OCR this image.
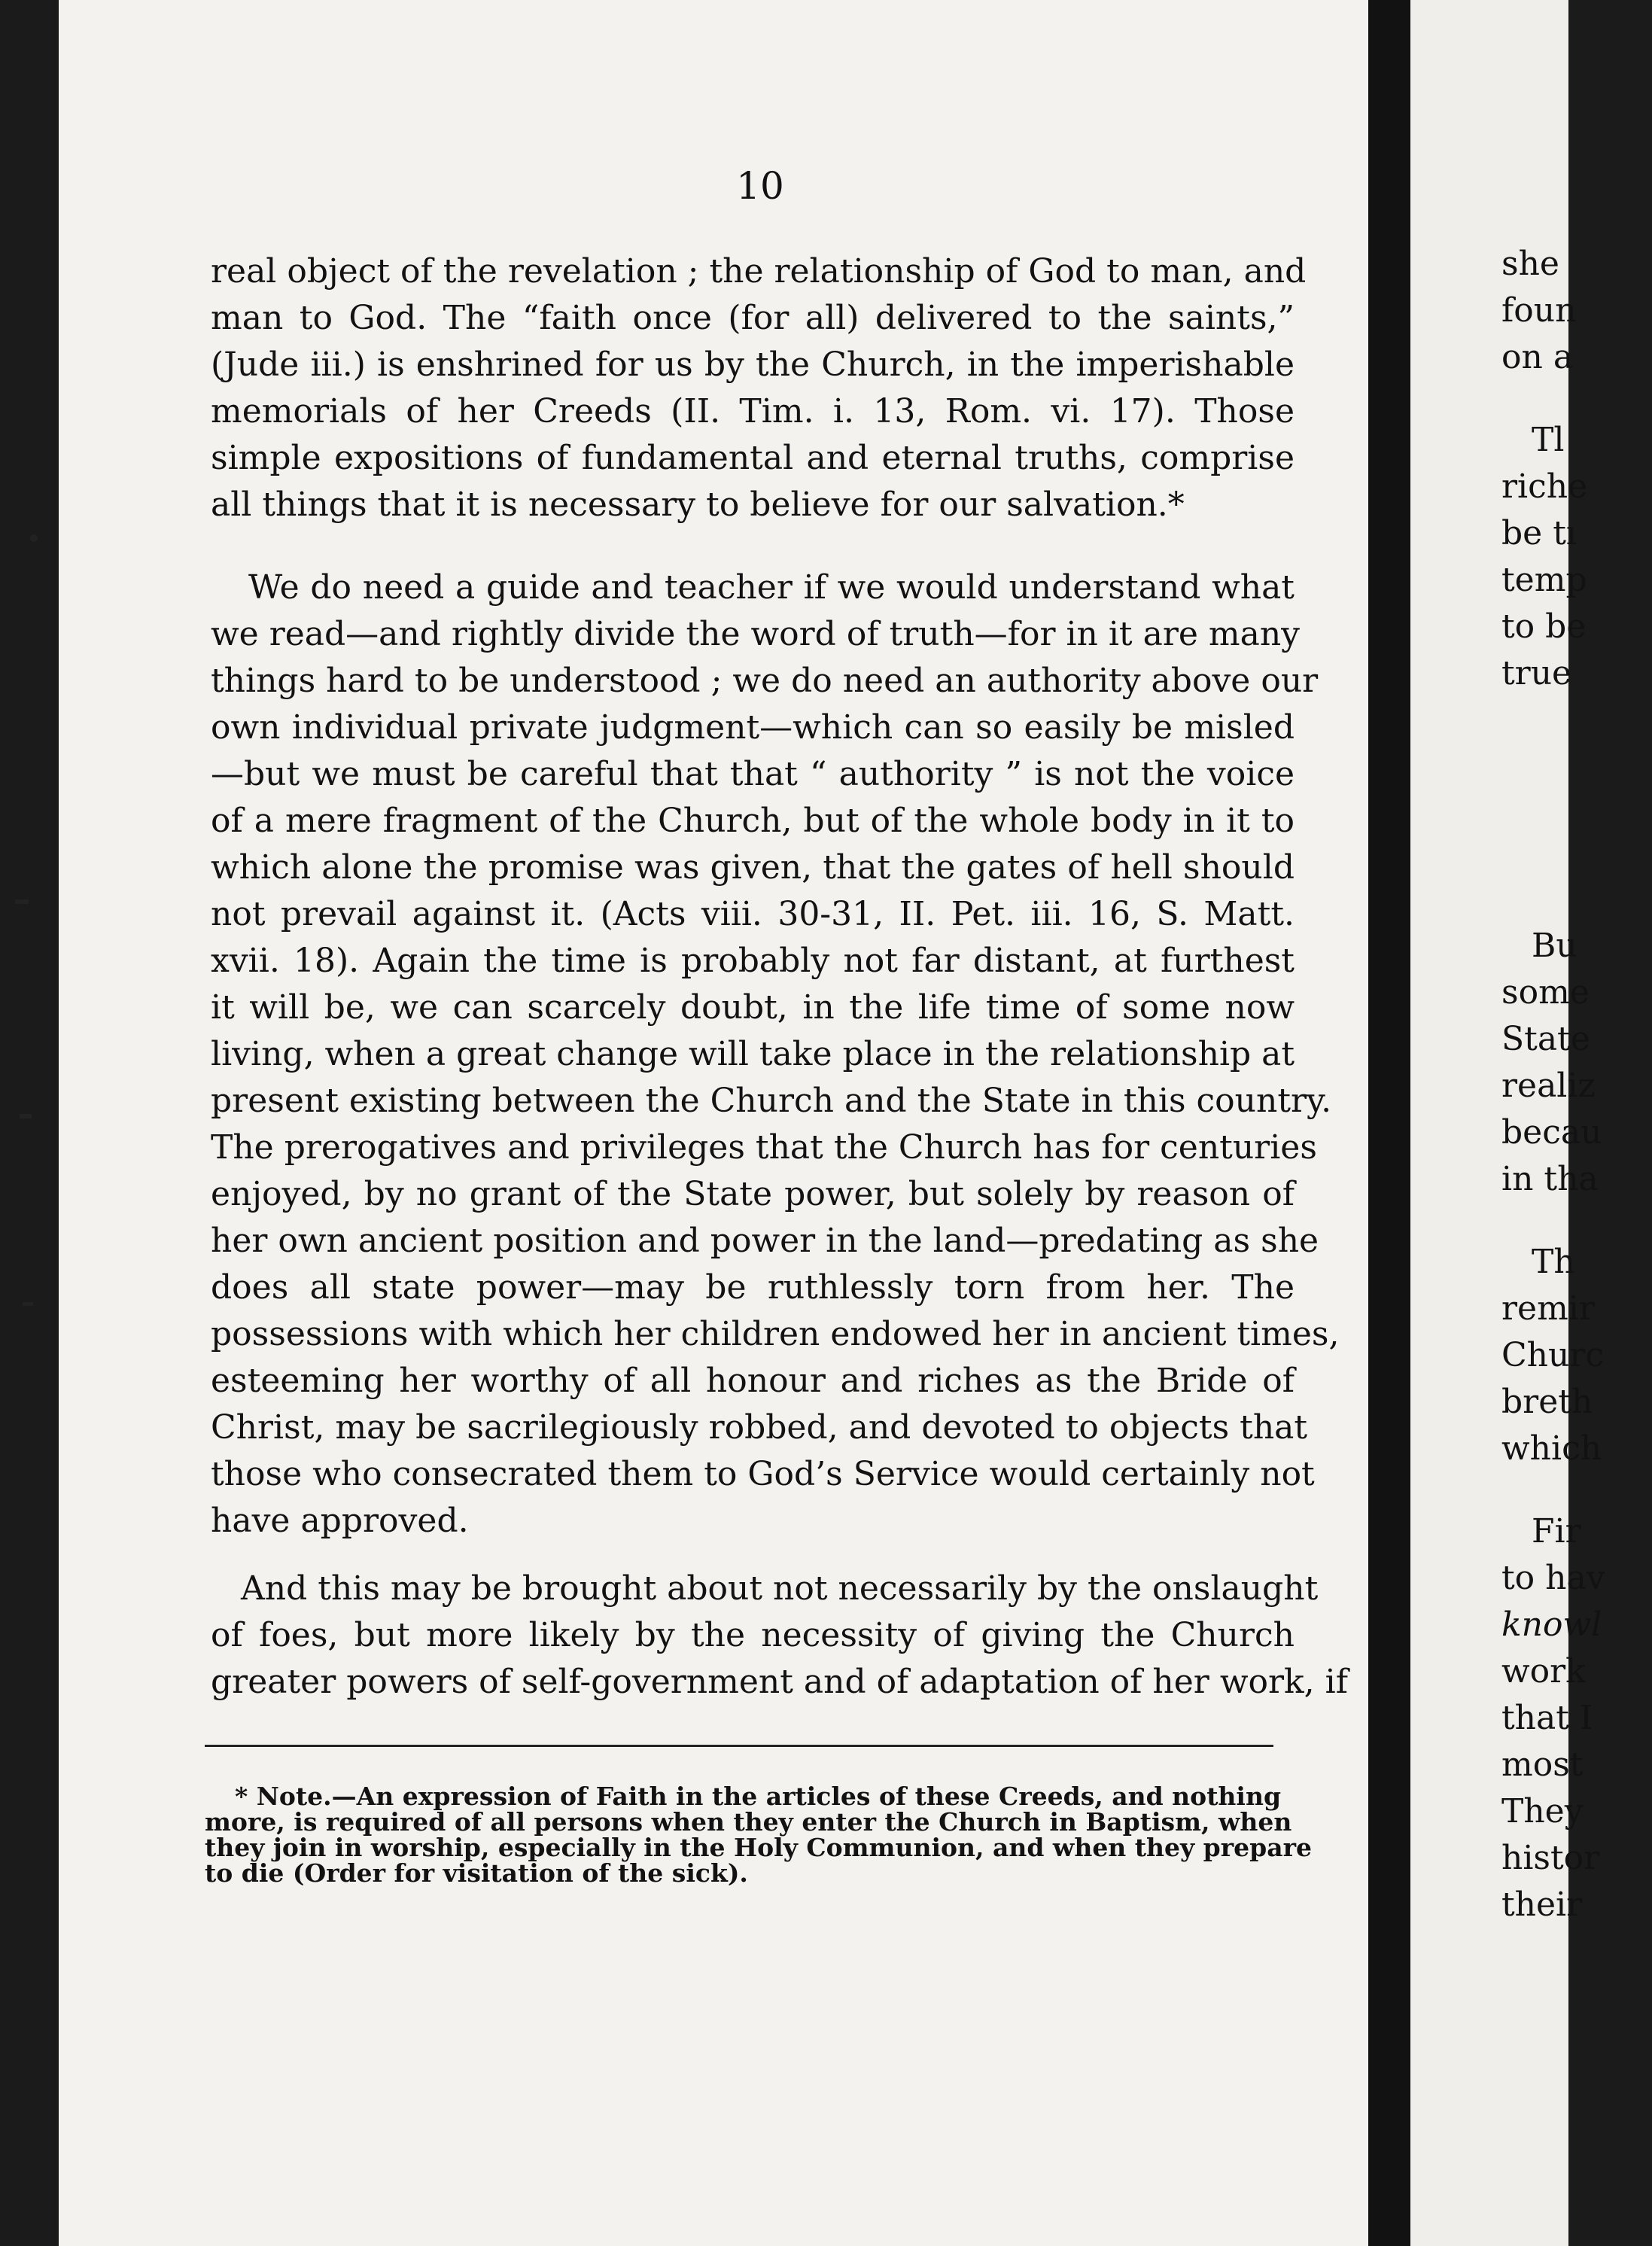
10
real object of the revelation ; the relationship of God to man, and
man to God. The “faith once (for all) delivered to the saints,”
(Jude iii.) is enshrined for us by the Church, in the imperishable
memorials of her Creeds (II. Tim. i. 13, Rom. vi. 17). Those
simple expositions of fundamental and eternal truths, comprise
all things that it is necessary to believe for our salvation.*
We do need a guide and teacher if we would understand what
we read—and rightly divide the word of truth—for in it are many
things hard to be understood ; we do need an authority above our
own individual private judgment—which can so easily be misled
—but we must be careful that that “ authority ” is not the voice
of a mere fragment of the Church, but of the whole body in it to
which alone the promise was given, that the gates of hell should
not prevail against it. (Acts viii. 30-31, II. Pet. iii. 16, S. Matt.
xvii. 18). Again the time is probably not far distant, at furthest
it will be, we can scarcely doubt, in the life time of some now
living, when a great change will take place in the relationship at
present existing between the Church and the State in this country.
The prerogatives and privileges that the Church has for centuries
enjoyed, by no grant of the State power, but solely by reason of
her own ancient position and power in the land—predating as she
does all state power—may be ruthlessly torn from her. The
possessions with which her children endowed her in ancient times,
esteeming her worthy of all honour and riches as the Bride of
Christ, may be sacrilegiously robbed, and devoted to objects that
those who consecrated them to God’s Service would certainly not
have approved.
And this may be brought about not necessarily by the onslaught
of foes, but more likely by the necessity of giving the Church
greater powers of self-government and of adaptation of her work, if
* Note.—An expression of Faith in the articles of these Creeds, and nothing
more, is required of all persons when they enter the Church in Baptism, when
they join in worship, especially in the Holy Communion, and when they prepare
to die (Order for visitation of the sick).
she
foun
on a
Tl
riche
be tı
temp
to be
true
Bu
some
State
realiz
becau
in tha
Th
remir
Churc
breth
which
Fir
to hav
knowl
work
that I
most
They
histor
their
